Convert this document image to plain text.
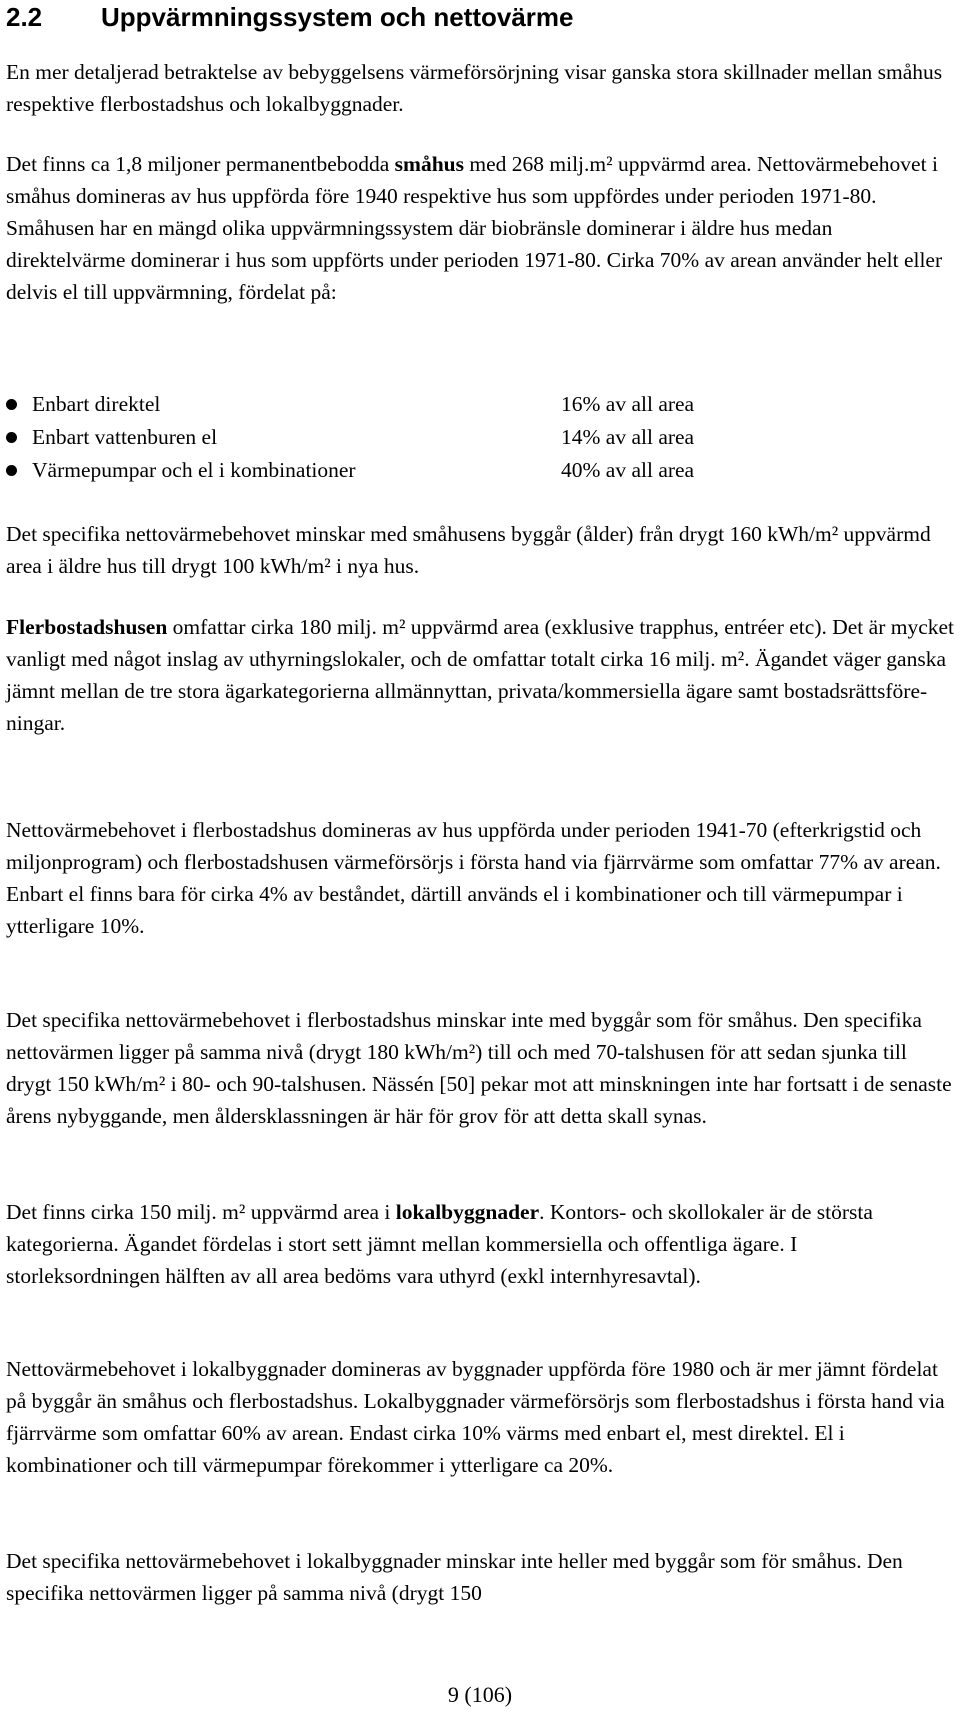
2.2 Uppvärmningssystem och nettovärme

En mer detaljerad betraktelse av bebyggelsens värmeförsörjning visar ganska stora skillnader mellan småhus respektive flerbostadshus och lokalbyggnader.

Det finns ca 1,8 miljoner permanentbebodda småhus med 268 milj.m² uppvärmd area. Nettovärmebehovet i småhus domineras av hus uppförda före 1940 respektive hus som uppfördes under perioden 1971-80. Småhusen har en mängd olika uppvärmningssystem där biobränsle dominerar i äldre hus medan direktelvärme dominerar i hus som uppförts under perioden 1971-80. Cirka 70% av arean använder helt eller delvis el till uppvärmning, fördelat på:

Enbart direktel	16% av all area
Enbart vattenburen el	14% av all area
Värmepumpar och el i kombinationer	40% av all area

Det specifika nettovärmebehovet minskar med småhusens byggår (ålder) från drygt 160 kWh/m² uppvärmd area i äldre hus till drygt 100 kWh/m² i nya hus.

Flerbostadshusen omfattar cirka 180 milj. m² uppvärmd area (exklusive trapphus, entréer etc). Det är mycket vanligt med något inslag av uthyrningslokaler, och de omfattar totalt cirka 16 milj. m². Ägandet väger ganska jämnt mellan de tre stora ägarkategorierna allmännyttan, privata/kommersiella ägare samt bostadsrättsföreningar.

Nettovärmebehovet i flerbostadshus domineras av hus uppförda under perioden 1941-70 (efterkrigstid och miljonprogram) och flerbostadshusen värmeförsörjs i första hand via fjärrvärme som omfattar 77% av arean. Enbart el finns bara för cirka 4% av beståndet, därtill används el i kombinationer och till värmepumpar i ytterligare 10%.

Det specifika nettovärmebehovet i flerbostadshus minskar inte med byggår som för småhus. Den specifika nettovärmen ligger på samma nivå (drygt 180 kWh/m²) till och med 70-talshusen för att sedan sjunka till drygt 150 kWh/m² i 80- och 90-talshusen. Nässén [50] pekar mot att minskningen inte har fortsatt i de senaste årens nybyggande, men åldersklassningen är här för grov för att detta skall synas.

Det finns cirka 150 milj. m² uppvärmd area i lokalbyggnader. Kontors- och skollokaler är de största kategorierna. Ägandet fördelas i stort sett jämnt mellan kommersiella och offentliga ägare. I storleksordningen hälften av all area bedöms vara uthyrd (exkl internhyresavtal).

Nettovärmebehovet i lokalbyggnader domineras av byggnader uppförda före 1980 och är mer jämnt fördelat på byggår än småhus och flerbostadshus. Lokalbyggnader värmeförsörjs som flerbostadshus i första hand via fjärrvärme som omfattar 60% av arean. Endast cirka 10% värms med enbart el, mest direktel. El i kombinationer och till värmepumpar förekommer i ytterligare ca 20%.

Det specifika nettovärmebehovet i lokalbyggnader minskar inte heller med byggår som för småhus. Den specifika nettovärmen ligger på samma nivå (drygt 150

9 (106)
